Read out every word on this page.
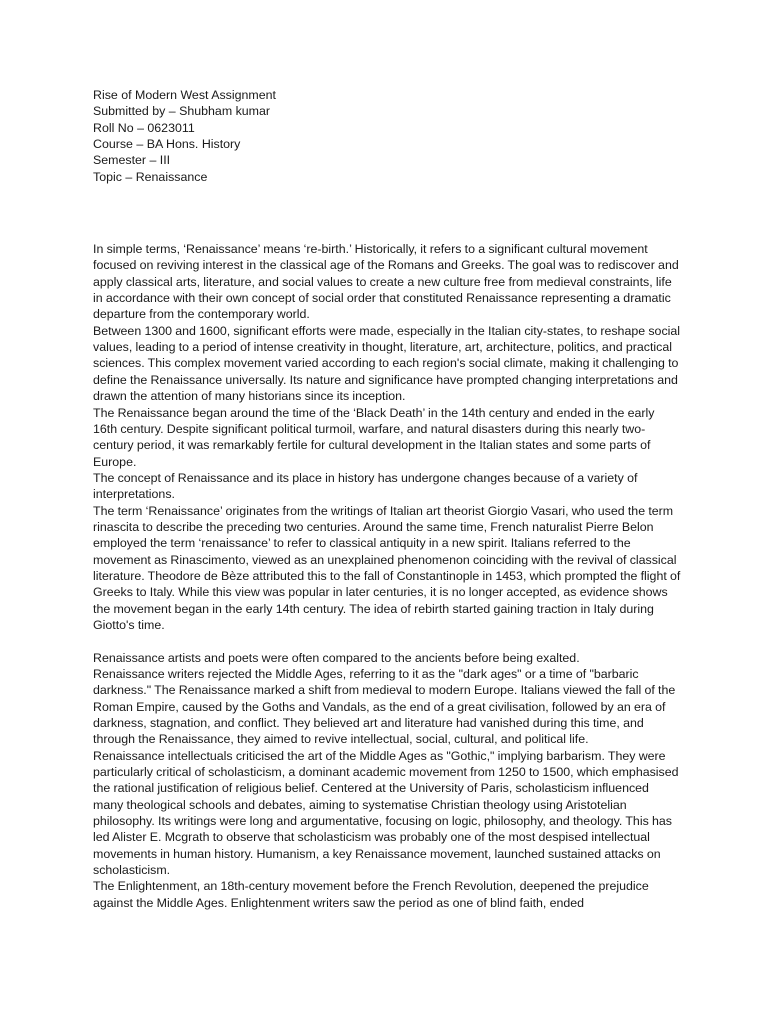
Rise of Modern West Assignment
Submitted by – Shubham kumar
Roll No – 0623011
Course – BA Hons. History
Semester – III
Topic – Renaissance

In simple terms, ‘Renaissance’ means ‘re-birth.’ Historically, it refers to a significant cultural movement focused on reviving interest in the classical age of the Romans and Greeks. The goal was to rediscover and apply classical arts, literature, and social values to create a new culture free from medieval constraints, life in accordance with their own concept of social order that constituted Renaissance representing a dramatic departure from the contemporary world.

Between 1300 and 1600, significant efforts were made, especially in the Italian city-states, to reshape social values, leading to a period of intense creativity in thought, literature, art, architecture, politics, and practical sciences. This complex movement varied according to each region's social climate, making it challenging to define the Renaissance universally. Its nature and significance have prompted changing interpretations and drawn the attention of many historians since its inception.

The Renaissance began around the time of the ‘Black Death’ in the 14th century and ended in the early 16th century. Despite significant political turmoil, warfare, and natural disasters during this nearly two-century period, it was remarkably fertile for cultural development in the Italian states and some parts of Europe.

The concept of Renaissance and its place in history has undergone changes because of a variety of interpretations.

The term ‘Renaissance’ originates from the writings of Italian art theorist Giorgio Vasari, who used the term rinascita to describe the preceding two centuries. Around the same time, French naturalist Pierre Belon employed the term ‘renaissance’ to refer to classical antiquity in a new spirit. Italians referred to the movement as Rinascimento, viewed as an unexplained phenomenon coinciding with the revival of classical literature. Theodore de Bèze attributed this to the fall of Constantinople in 1453, which prompted the flight of Greeks to Italy. While this view was popular in later centuries, it is no longer accepted, as evidence shows the movement began in the early 14th century. The idea of rebirth started gaining traction in Italy during Giotto's time.

Renaissance artists and poets were often compared to the ancients before being exalted.

Renaissance writers rejected the Middle Ages, referring to it as the "dark ages" or a time of "barbaric darkness." The Renaissance marked a shift from medieval to modern Europe. Italians viewed the fall of the Roman Empire, caused by the Goths and Vandals, as the end of a great civilisation, followed by an era of darkness, stagnation, and conflict. They believed art and literature had vanished during this time, and through the Renaissance, they aimed to revive intellectual, social, cultural, and political life.

Renaissance intellectuals criticised the art of the Middle Ages as "Gothic," implying barbarism. They were particularly critical of scholasticism, a dominant academic movement from 1250 to 1500, which emphasised the rational justification of religious belief. Centered at the University of Paris, scholasticism influenced many theological schools and debates, aiming to systematise Christian theology using Aristotelian philosophy. Its writings were long and argumentative, focusing on logic, philosophy, and theology. This has led Alister E. Mcgrath to observe that scholasticism was probably one of the most despised intellectual movements in human history. Humanism, a key Renaissance movement, launched sustained attacks on scholasticism.

The Enlightenment, an 18th-century movement before the French Revolution, deepened the prejudice against the Middle Ages. Enlightenment writers saw the period as one of blind faith, ended
